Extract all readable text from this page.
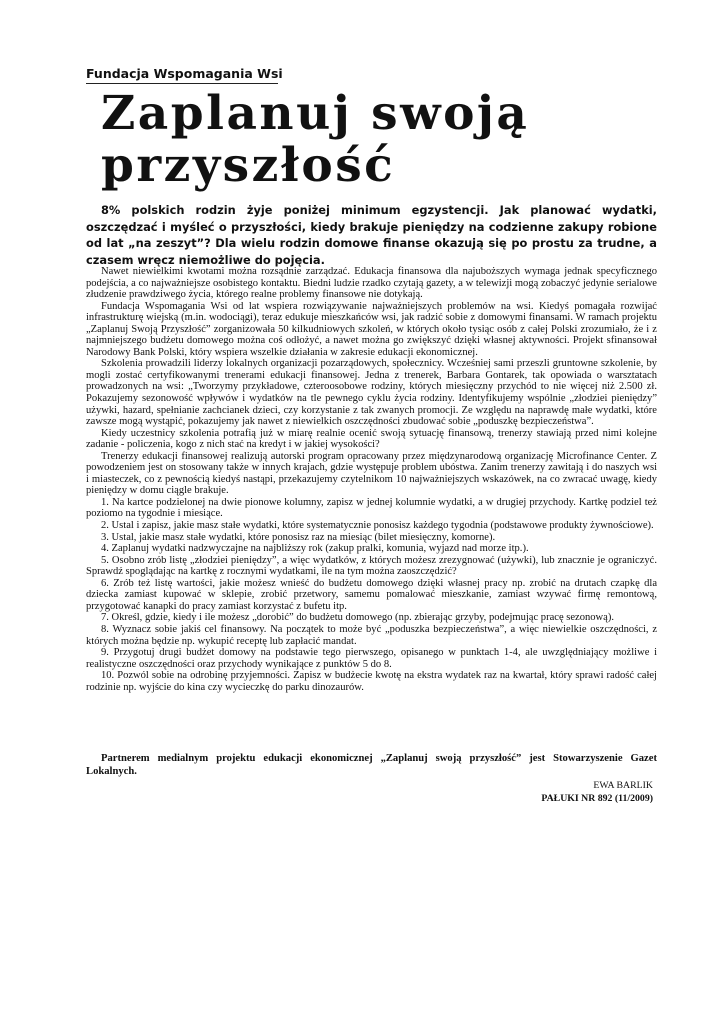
Fundacja Wspomagania Wsi
Zaplanuj swoją
przyszłość

8% polskich rodzin żyje poniżej minimum egzystencji. Jak planować wydatki, oszczędzać i myśleć o przyszłości, kiedy brakuje pieniędzy na codzienne zakupy robione od lat „na zeszyt”? Dla wielu rodzin domowe finanse okazują się po prostu za trudne, a czasem wręcz niemożliwe do pojęcia.

Nawet niewielkimi kwotami można rozsądnie zarządzać. Edukacja finansowa dla najuboższych wymaga jednak specyficznego podejścia, a co najważniejsze osobistego kontaktu. Biedni ludzie rzadko czytają gazety, a w telewizji mogą zobaczyć jedynie serialowe złudzenie prawdziwego życia, którego realne problemy finansowe nie dotykają.

Fundacja Wspomagania Wsi od lat wspiera rozwiązywanie najważniejszych problemów na wsi. Kiedyś pomagała rozwijać infrastrukturę wiejską (m.in. wodociągi), teraz edukuje mieszkańców wsi, jak radzić sobie z domowymi finansami. W ramach projektu „Zaplanuj Swoją Przyszłość” zorganizowała 50 kilkudniowych szkoleń, w których około tysiąc osób z całej Polski zrozumiało, że i z najmniejszego budżetu domowego można coś odłożyć, a nawet można go zwiększyć dzięki własnej aktywności. Projekt sfinansował Narodowy Bank Polski, który wspiera wszelkie działania w zakresie edukacji ekonomicznej.

Szkolenia prowadzili liderzy lokalnych organizacji pozarządowych, społecznicy. Wcześniej sami przeszli gruntowne szkolenie, by mogli zostać certyfikowanymi trenerami edukacji finansowej. Jedna z trenerek, Barbara Gontarek, tak opowiada o warsztatach prowadzonych na wsi: „Tworzymy przykładowe, czteroosobowe rodziny, których miesięczny przychód to nie więcej niż 2.500 zł. Pokazujemy sezonowość wpływów i wydatków na tle pewnego cyklu życia rodziny. Identyfikujemy wspólnie „złodziei pieniędzy” używki, hazard, spełnianie zachcianek dzieci, czy korzystanie z tak zwanych promocji. Ze względu na naprawdę małe wydatki, które zawsze mogą wystąpić, pokazujemy jak nawet z niewielkich oszczędności zbudować sobie „poduszkę bezpieczeństwa”.

Kiedy uczestnicy szkolenia potrafią już w miarę realnie ocenić swoją sytuację finansową, trenerzy stawiają przed nimi kolejne zadanie - policzenia, kogo z nich stać na kredyt i w jakiej wysokości?

Trenerzy edukacji finansowej realizują autorski program opracowany przez międzynarodową organizację Microfinance Center. Z powodzeniem jest on stosowany także w innych krajach, gdzie występuje problem ubóstwa. Zanim trenerzy zawitają i do naszych wsi i miasteczek, co z pewnością kiedyś nastąpi, przekazujemy czytelnikom 10 najważniejszych wskazówek, na co zwracać uwagę, kiedy pieniędzy w domu ciągle brakuje.

1. Na kartce podzielonej na dwie pionowe kolumny, zapisz w jednej kolumnie wydatki, a w drugiej przychody. Kartkę podziel też poziomo na tygodnie i miesiące.

2. Ustal i zapisz, jakie masz stałe wydatki, które systematycznie ponosisz każdego tygodnia (podstawowe produkty żywnościowe).

3. Ustal, jakie masz stałe wydatki, które ponosisz raz na miesiąc (bilet miesięczny, komorne).

4. Zaplanuj wydatki nadzwyczajne na najbliższy rok (zakup pralki, komunia, wyjazd nad morze itp.).

5. Osobno zrób listę „złodziei pieniędzy”, a więc wydatków, z których możesz zrezygnować (używki), lub znacznie je ograniczyć. Sprawdź spoglądając na kartkę z rocznymi wydatkami, ile na tym można zaoszczędzić?

6. Zrób też listę wartości, jakie możesz wnieść do budżetu domowego dzięki własnej pracy np. zrobić na drutach czapkę dla dziecka zamiast kupować w sklepie, zrobić przetwory, samemu pomalować mieszkanie, zamiast wzywać firmę remontową, przygotować kanapki do pracy zamiast korzystać z bufetu itp.

7. Określ, gdzie, kiedy i ile możesz „dorobić” do budżetu domowego (np. zbierając grzyby, podejmując pracę sezonową).

8. Wyznacz sobie jakiś cel finansowy. Na początek to może być „poduszka bezpieczeństwa”, a więc niewielkie oszczędności, z których można będzie np. wykupić receptę lub zapłacić mandat.

9. Przygotuj drugi budżet domowy na podstawie tego pierwszego, opisanego w punktach 1-4, ale uwzględniający możliwe i realistyczne oszczędności oraz przychody wynikające z punktów 5 do 8.

10. Pozwól sobie na odrobinę przyjemności. Zapisz w budżecie kwotę na ekstra wydatek raz na kwartał, który sprawi radość całej rodzinie np. wyjście do kina czy wycieczkę do parku dinozaurów.

Partnerem medialnym projektu edukacji ekonomicznej „Zaplanuj swoją przyszłość” jest Stowarzyszenie Gazet Lokalnych.

EWA BARLIK
PAŁUKI NR 892 (11/2009)
